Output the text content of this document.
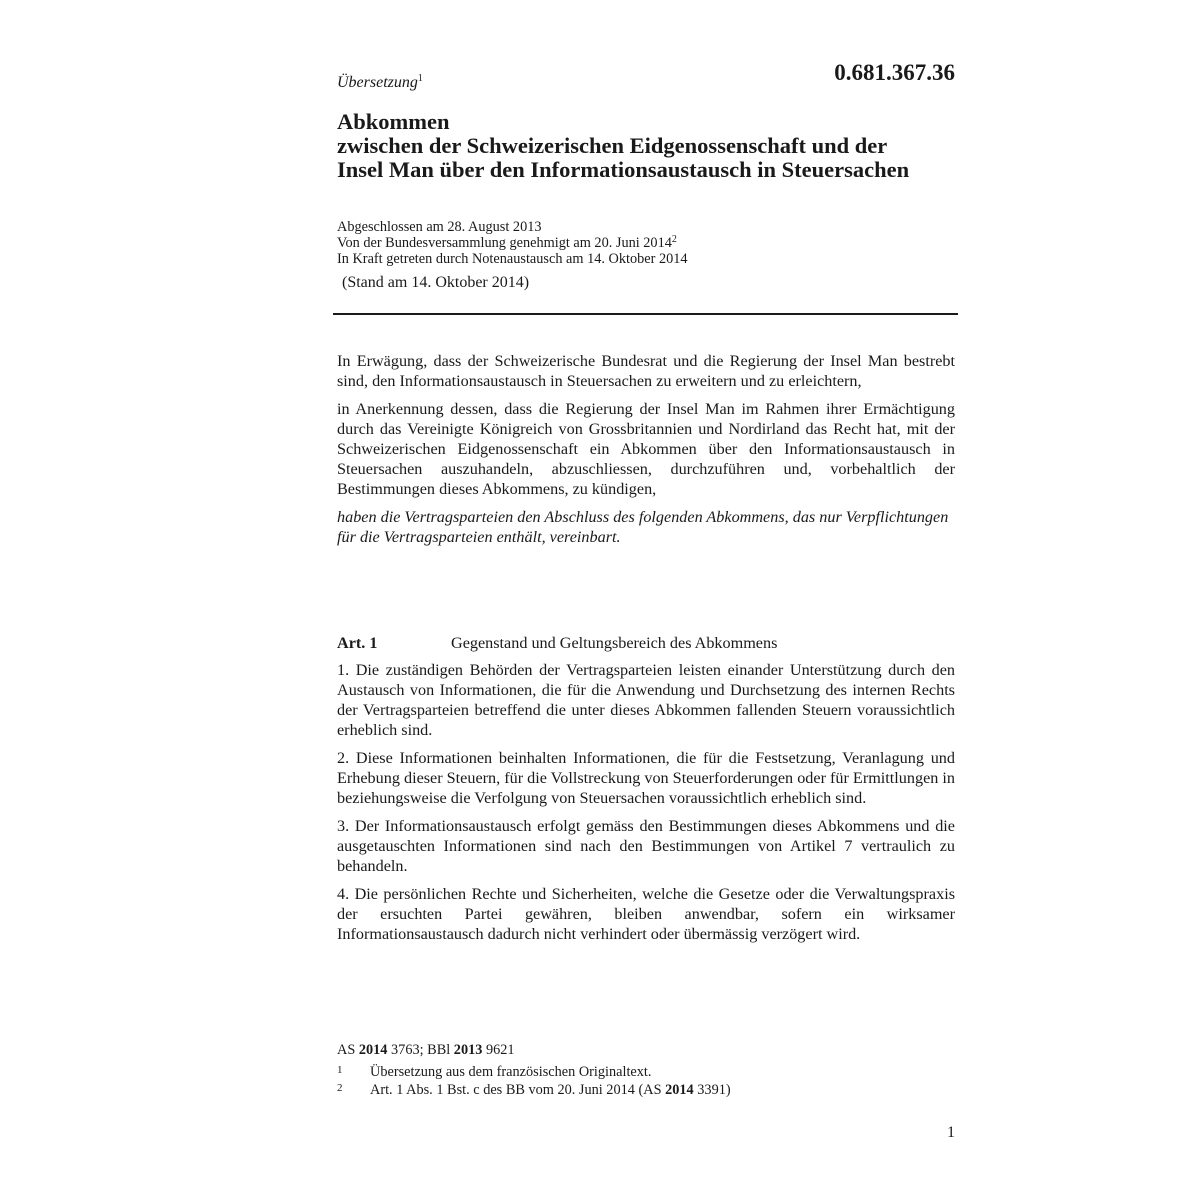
Übersetzung$^1$	0.681.367.36
Abkommen
zwischen der Schweizerischen Eidgenossenschaft und der
Insel Man über den Informationsaustausch in Steuersachen
Abgeschlossen am 28. August 2013
Von der Bundesversammlung genehmigt am 20. Juni 2014$^2$
In Kraft getreten durch Notenaustausch am 14. Oktober 2014
(Stand am 14. Oktober 2014)

In Erwägung, dass der Schweizerische Bundesrat und die Regierung der Insel Man bestrebt sind, den Informationsaustausch in Steuersachen zu erweitern und zu erleichtern,

in Anerkennung dessen, dass die Regierung der Insel Man im Rahmen ihrer Ermächtigung durch das Vereinigte Königreich von Grossbritannien und Nordirland das Recht hat, mit der Schweizerischen Eidgenossenschaft ein Abkommen über den Informationsaustausch in Steuersachen auszuhandeln, abzuschliessen, durchzuführen und, vorbehaltlich der Bestimmungen dieses Abkommens, zu kündigen,

haben die Vertragsparteien den Abschluss des folgenden Abkommens, das nur Verpflichtungen für die Vertragsparteien enthält, vereinbart.

Art. 1	Gegenstand und Geltungsbereich des Abkommens

1. Die zuständigen Behörden der Vertragsparteien leisten einander Unterstützung durch den Austausch von Informationen, die für die Anwendung und Durchsetzung des internen Rechts der Vertragsparteien betreffend die unter dieses Abkommen fallenden Steuern voraussichtlich erheblich sind.

2. Diese Informationen beinhalten Informationen, die für die Festsetzung, Veranlagung und Erhebung dieser Steuern, für die Vollstreckung von Steuerforderungen oder für Ermittlungen in beziehungsweise die Verfolgung von Steuersachen voraussichtlich erheblich sind.

3. Der Informationsaustausch erfolgt gemäss den Bestimmungen dieses Abkommens und die ausgetauschten Informationen sind nach den Bestimmungen von Artikel 7 vertraulich zu behandeln.

4. Die persönlichen Rechte und Sicherheiten, welche die Gesetze oder die Verwaltungspraxis der ersuchten Partei gewähren, bleiben anwendbar, sofern ein wirksamer Informationsaustausch dadurch nicht verhindert oder übermässig verzögert wird.

AS 2014 3763; BBl 2013 9621
1 Übersetzung aus dem französischen Originaltext.
2 Art. 1 Abs. 1 Bst. c des BB vom 20. Juni 2014 (AS 2014 3391)
1
